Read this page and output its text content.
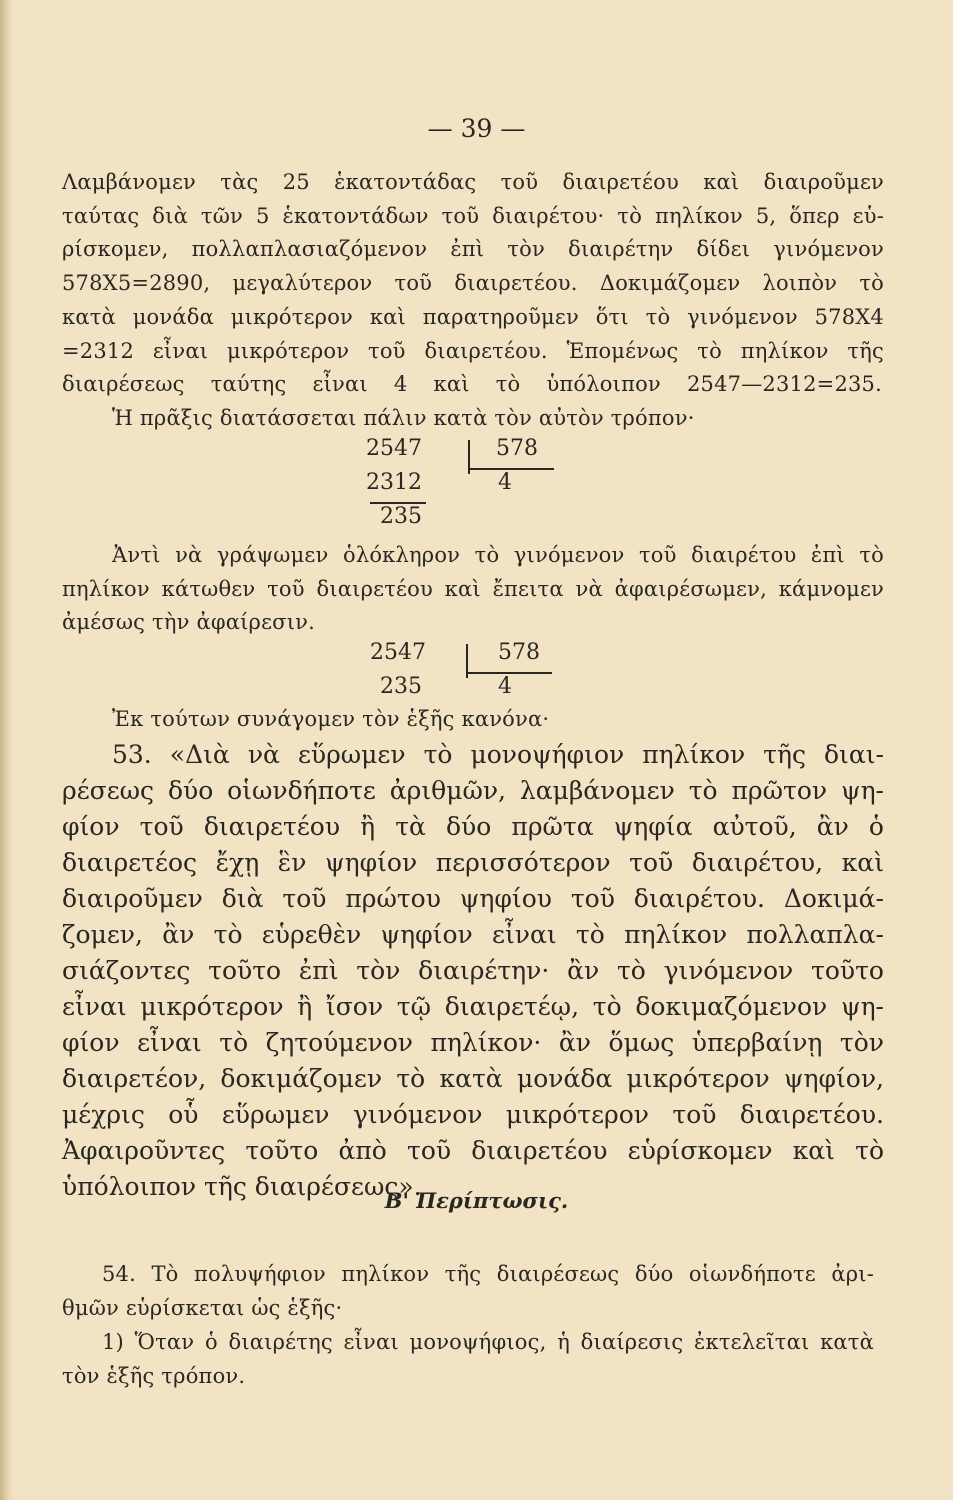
— 39 —
Λαμβάνομεν τὰς 25 ἑκατοντάδας τοῦ διαιρετέου καὶ διαιροῦμεν
ταύτας διὰ τῶν 5 ἑκατοντάδων τοῦ διαιρέτου· τὸ πηλίκον 5, ὅπερ εὑ-
ρίσκομεν, πολλαπλασιαζόμενον ἐπὶ τὸν διαιρέτην δίδει γινόμενον
578X5=2890, μεγαλύτερον τοῦ διαιρετέου. Δοκιμάζομεν λοιπὸν τὸ
κατὰ μονάδα μικρότερον καὶ παρατηροῦμεν ὅτι τὸ γινόμενον 578X4
=2312 εἶναι μικρότερον τοῦ διαιρετέου. Ἑπομένως τὸ πηλίκον τῆς
διαιρέσεως ταύτης εἶναι 4 καὶ τὸ ὑπόλοιπον 2547—2312=235.
Ἡ πρᾶξις διατάσσεται πάλιν κατὰ τὸν αὐτὸν τρόπον·
2547	578
2312	4
235
Ἀντὶ νὰ γράψωμεν ὁλόκληρον τὸ γινόμενον τοῦ διαιρέτου ἐπὶ τὸ
πηλίκον κάτωθεν τοῦ διαιρετέου καὶ ἔπειτα νὰ ἀφαιρέσωμεν, κάμνομεν
ἀμέσως τὴν ἀφαίρεσιν.
2547	578
235	4
Ἐκ τούτων συνάγομεν τὸν ἑξῆς κανόνα·
53. «Διὰ νὰ εὕρωμεν τὸ μονοψήφιον πηλίκον τῆς διαι-
ρέσεως δύο οἱωνδήποτε ἀριθμῶν, λαμβάνομεν τὸ πρῶτον ψη-
φίον τοῦ διαιρετέου ἢ τὰ δύο πρῶτα ψηφία αὐτοῦ, ἂν ὁ
διαιρετέος ἔχῃ ἓν ψηφίον περισσότερον τοῦ διαιρέτου, καὶ
διαιροῦμεν διὰ τοῦ πρώτου ψηφίου τοῦ διαιρέτου. Δοκιμά-
ζομεν, ἂν τὸ εὑρεθὲν ψηφίον εἶναι τὸ πηλίκον πολλαπλα-
σιάζοντες τοῦτο ἐπὶ τὸν διαιρέτην· ἂν τὸ γινόμενον τοῦτο
εἶναι μικρότερον ἢ ἴσον τῷ διαιρετέῳ, τὸ δοκιμαζόμενον ψη-
φίον εἶναι τὸ ζητούμενον πηλίκον· ἂν ὅμως ὑπερβαίνῃ τὸν
διαιρετέον, δοκιμάζομεν τὸ κατὰ μονάδα μικρότερον ψηφίον,
μέχρις οὗ εὕρωμεν γινόμενον μικρότερον τοῦ διαιρετέου.
Ἀφαιροῦντες τοῦτο ἀπὸ τοῦ διαιρετέου εὑρίσκομεν καὶ τὸ
ὑπόλοιπον τῆς διαιρέσεως».
Β' Περίπτωσις.
54. Τὸ πολυψήφιον πηλίκον τῆς διαιρέσεως δύο οἱωνδήποτε ἀρι-
θμῶν εὑρίσκεται ὡς ἑξῆς·
1) Ὅταν ὁ διαιρέτης εἶναι μονοψήφιος, ἡ διαίρεσις ἐκτελεῖται κατὰ
τὸν ἑξῆς τρόπον.
